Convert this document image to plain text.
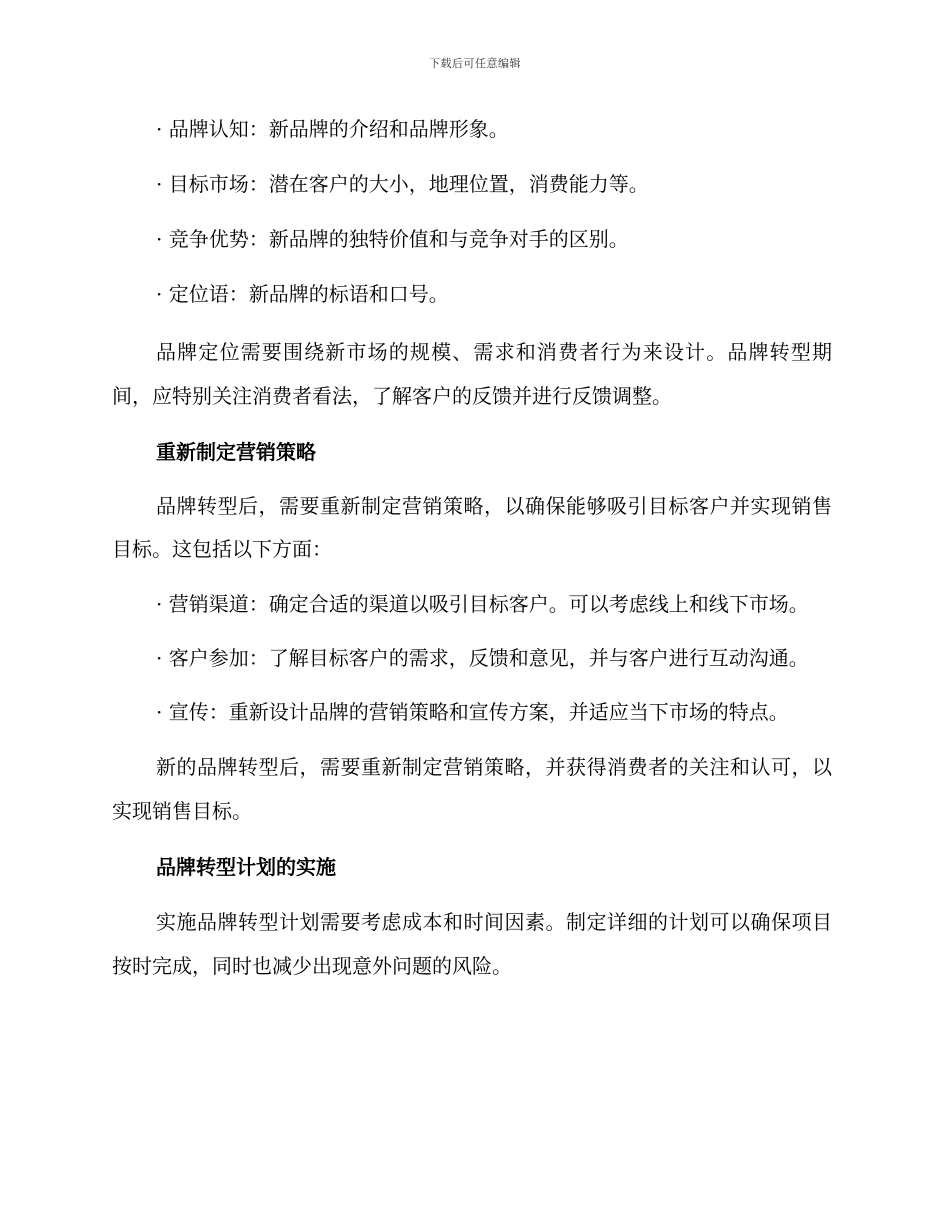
下载后可任意编辑

· 品牌认知：新品牌的介绍和品牌形象。

· 目标市场：潜在客户的大小，地理位置，消费能力等。

· 竞争优势：新品牌的独特价值和与竞争对手的区别。

· 定位语：新品牌的标语和口号。

品牌定位需要围绕新市场的规模、需求和消费者行为来设计。品牌转型期间，应特别关注消费者看法，了解客户的反馈并进行反馈调整。

重新制定营销策略

品牌转型后，需要重新制定营销策略，以确保能够吸引目标客户并实现销售目标。这包括以下方面：

· 营销渠道：确定合适的渠道以吸引目标客户。可以考虑线上和线下市场。

· 客户参加：了解目标客户的需求，反馈和意见，并与客户进行互动沟通。

· 宣传：重新设计品牌的营销策略和宣传方案，并适应当下市场的特点。

新的品牌转型后，需要重新制定营销策略，并获得消费者的关注和认可，以实现销售目标。

品牌转型计划的实施

实施品牌转型计划需要考虑成本和时间因素。制定详细的计划可以确保项目按时完成，同时也减少出现意外问题的风险。
